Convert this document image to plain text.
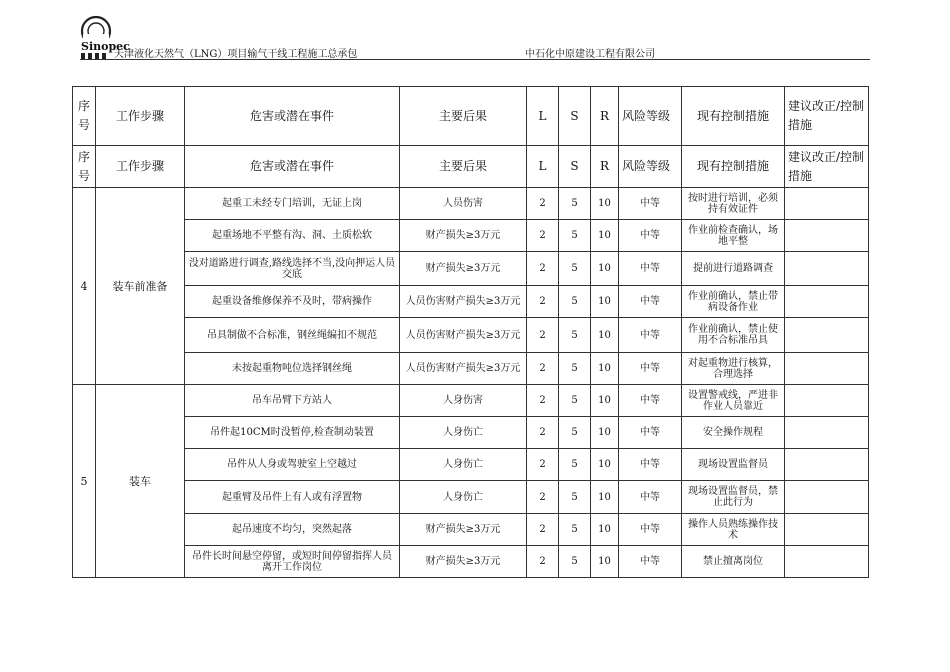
Sinopec
天津液化天然气（LNG）项目输气干线工程施工总承包	中石化中原建设工程有限公司
序号	工作步骤	危害或潜在事件	主要后果	L	S	R	风险等级	现有控制措施	建议改正/控制措施
序号	工作步骤	危害或潜在事件	主要后果	L	S	R	风险等级	现有控制措施	建议改正/控制措施
4	装车前准备	起重工未经专门培训，无证上岗	人员伤害	2	5	10	中等	按时进行培训，必须持有效证件	
		起重场地不平整有沟、洞、土质松软	财产损失≥3万元	2	5	10	中等	作业前检查确认，场地平整	
		没对道路进行调查,路线选择不当,没向押运人员交底	财产损失≥3万元	2	5	10	中等	提前进行道路调查	
		起重设备维修保养不及时，带病操作	人员伤害财产损失≥3万元	2	5	10	中等	作业前确认，禁止带病设备作业	
		吊具制做不合标准，钢丝绳编扣不规范	人员伤害财产损失≥3万元	2	5	10	中等	作业前确认，禁止使用不合标准吊具	
		未按起重物吨位选择钢丝绳	人员伤害财产损失≥3万元	2	5	10	中等	对起重物进行核算，合理选择	
5	装车	吊车吊臂下方站人	人身伤害	2	5	10	中等	设置警戒线，严进非作业人员靠近	
		吊件起10CM时没暂停,检查制动装置	人身伤亡	2	5	10	中等	安全操作规程	
		吊件从人身或驾驶室上空越过	人身伤亡	2	5	10	中等	现场设置监督员	
		起重臂及吊件上有人或有浮置物	人身伤亡	2	5	10	中等	现场设置监督员，禁止此行为	
		起吊速度不均匀，突然起落	财产损失≥3万元	2	5	10	中等	操作人员熟练操作技术	
		吊件长时间悬空停留，或短时间停留指挥人员离开工作岗位	财产损失≥3万元	2	5	10	中等	禁止擅离岗位	
